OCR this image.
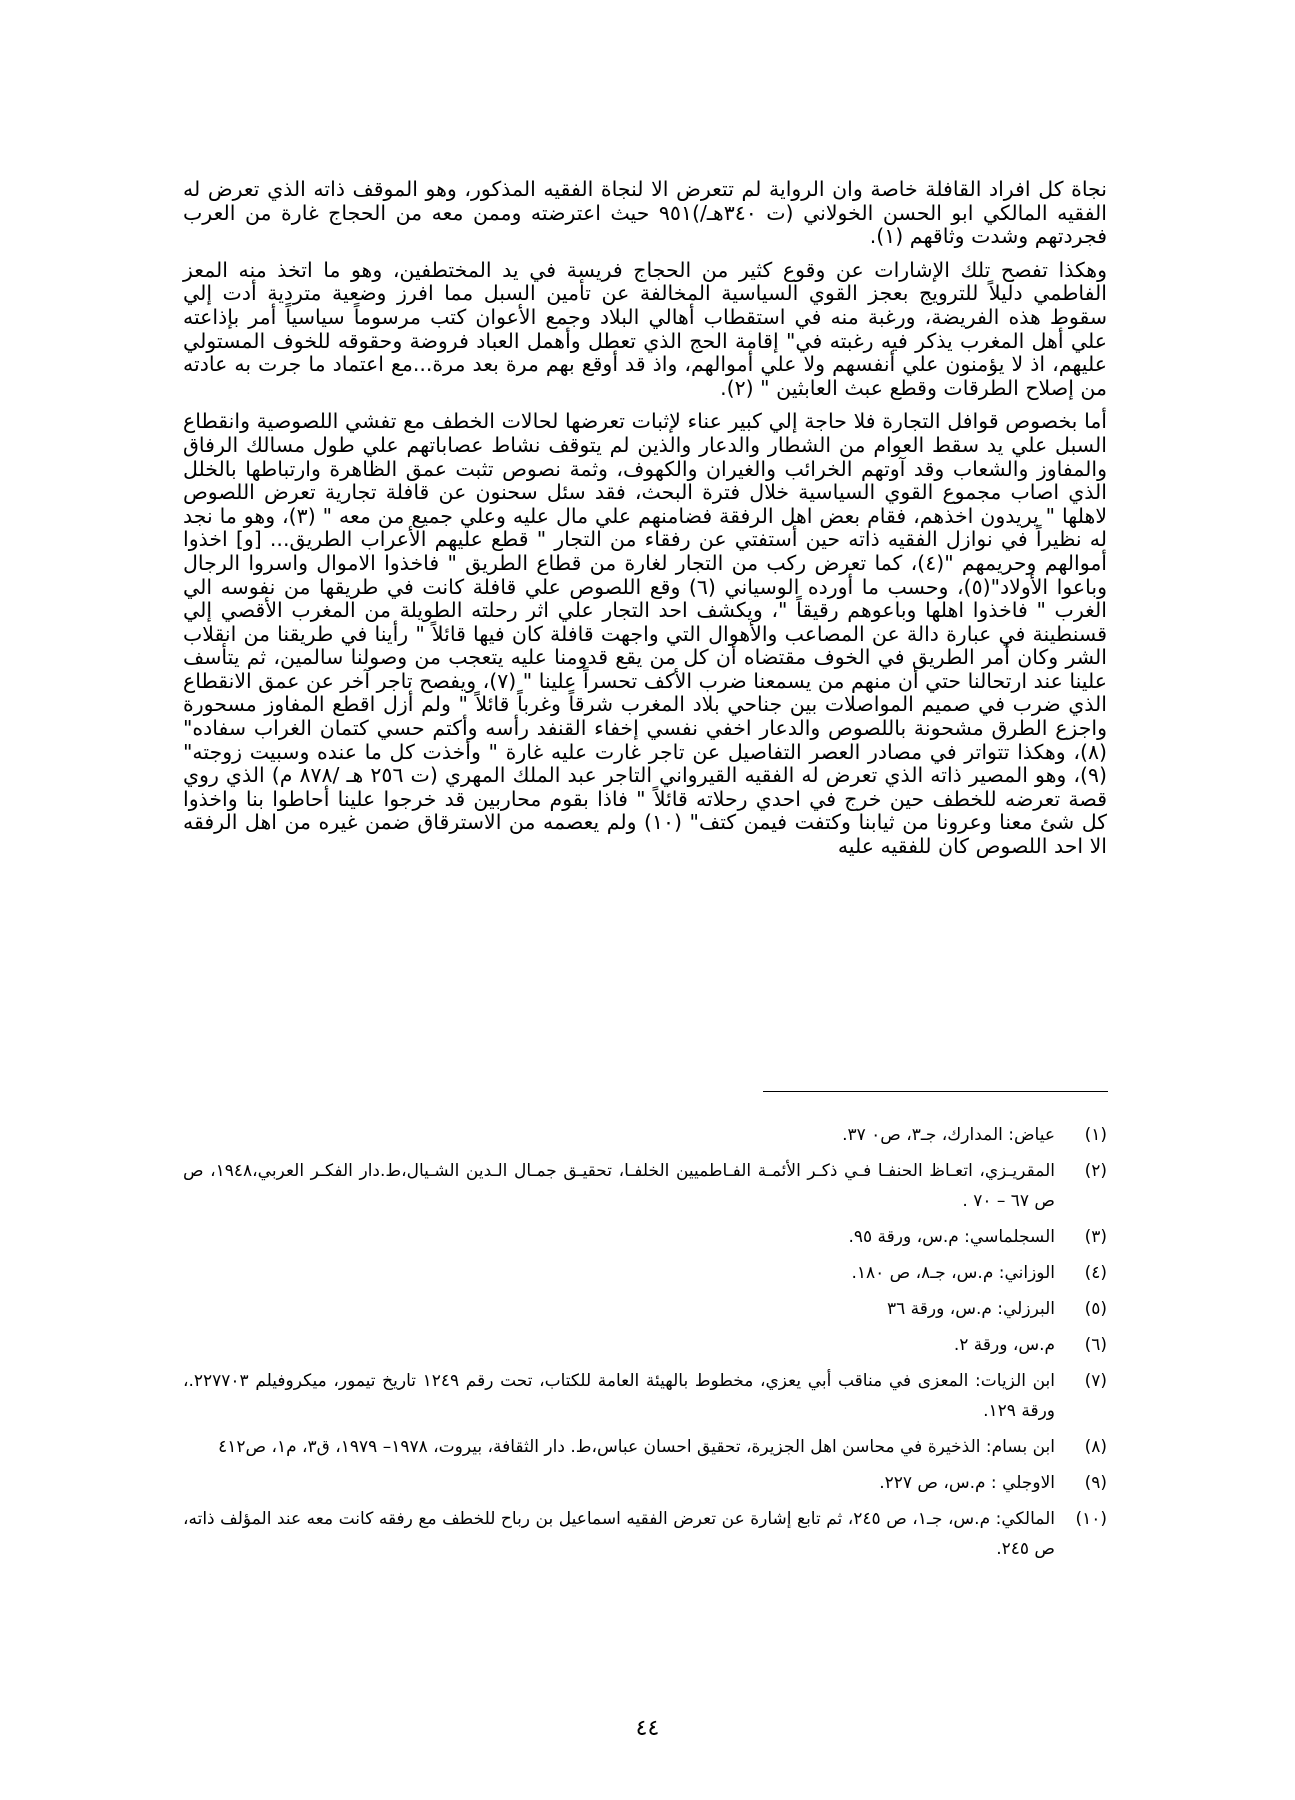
نجاة كل افراد القافلة خاصة وان الرواية لم تتعرض الا لنجاة الفقيه المذكور، وهو الموقف ذاته الذي تعرض له الفقيه المالكي ابو الحسن الخولاني (ت ٣٤٠هـ/)٩٥١ حيث اعترضته وممن معه من الحجاج غارة من العرب فجردتهم وشدت وثاقهم (١).

وهكذا تفصح تلك الإشارات عن وقوع كثير من الحجاج فريسة في يد المختطفين، وهو ما اتخذ منه المعز الفاطمي دليلاً للترويج بعجز القوي السياسية المخالفة عن تأمين السبل مما افرز وضعية متردية أدت إلي سقوط هذه الفريضة، ورغبة منه في استقطاب أهالي البلاد وجمع الأعوان كتب مرسوماً سياسياً أمر بإذاعته علي أهل المغرب يذكر فيه رغبته في" إقامة الحج الذي تعطل وأهمل العباد فروضة وحقوقه للخوف المستولي عليهم، اذ لا يؤمنون علي أنفسهم ولا علي أموالهم، واذ قد أوقع بهم مرة بعد مرة...مع اعتماد ما جرت به عادته من إصلاح الطرقات وقطع عبث العابثين " (٢).

أما بخصوص قوافل التجارة فلا حاجة إلي كبير عناء لإثبات تعرضها لحالات الخطف مع تفشي اللصوصية وانقطاع السبل علي يد سقط العوام من الشطار والدعار والذين لم يتوقف نشاط عصاباتهم علي طول مسالك الرفاق والمفاوز والشعاب وقد آوتهم الخرائب والغيران والكهوف، وثمة نصوص تثبت عمق الظاهرة وارتباطها بالخلل الذي اصاب مجموع القوي السياسية خلال فترة البحث، فقد سئل سحنون عن قافلة تجارية تعرض اللصوص لاهلها " يريدون اخذهم، فقام بعض اهل الرفقة فضامنهم علي مال عليه وعلي جميع من معه " (٣)، وهو ما نجد له نظيراً في نوازل الفقيه ذاته حين أستفتي عن رفقاء من التجار " قطع عليهم الأعراب الطريق... [و] اخذوا أموالهم وحريمهم "(٤)، كما تعرض ركب من التجار لغارة من قطاع الطريق " فاخذوا الاموال واسروا الرجال وباعوا الأولاد"(٥)، وحسب ما أورده الوسياني (٦) وقع اللصوص علي قافلة كانت في طريقها من نفوسه الي الغرب " فاخذوا اهلها وباعوهم رقيقاً "، ويكشف احد التجار علي اثر رحلته الطويلة من المغرب الأقصي إلي قسنطينة في عبارة دالة عن المصاعب والأهوال التي واجهت قافلة كان فيها قائلاً " رأينا في طريقنا من انقلاب الشر وكان أمر الطريق في الخوف مقتضاه أن كل من يقع قدومنا عليه يتعجب من وصولنا سالمين، ثم يتأسف علينا عند ارتحالنا حتي أن منهم من يسمعنا ضرب الأكف تحسراً علينا " (٧)، ويفصح تاجر آخر عن عمق الانقطاع الذي ضرب في صميم المواصلات بين جناحي بلاد المغرب شرقاً وغرباً قائلاً " ولم أزل اقطع المفاوز مسحورة واجزع الطرق مشحونة باللصوص والدعار اخفي نفسي إخفاء القنفد رأسه وأكتم حسي كتمان الغراب سفاده"(٨)، وهكذا تتواتر في مصادر العصر التفاصيل عن تاجر غارت عليه غارة " وأخذت كل ما عنده وسبيت زوجته"(٩)، وهو المصير ذاته الذي تعرض له الفقيه القيرواني التاجر عبد الملك المهري (ت ٢٥٦ هـ /٨٧٨ م) الذي روي قصة تعرضه للخطف حين خرج في احدي رحلاته قائلاً " فاذا بقوم محاربين قد خرجوا علينا أحاطوا بنا واخذوا كل شئ معنا وعرونا من ثيابنا وكتفت فيمن كتف" (١٠) ولم يعصمه من الاسترقاق ضمن غيره من اهل الرفقه الا احد اللصوص كان للفقيه عليه

(١)
عياض: المدارك، جـ٣، ص٠ ٣٧.
(٢)
المقريـزي، اتعـاظ الحنفـا فـي ذكـر الأئمـة الفـاطميين الخلفـا، تحقيـق جمـال الـدين الشـيال،ط.دار الفكـر العربي،١٩٤٨، ص ص ٦٧ – ٧٠ .
(٣)
السجلماسي: م.س، ورقة ٩٥.
(٤)
الوزاني: م.س، جـ٨، ص ١٨٠.
(٥)
البرزلي: م.س، ورقة ٣٦
(٦)
م.س، ورقة ٢.
(٧)
ابن الزيات: المعزى في مناقب أبي يعزي، مخطوط بالهيئة العامة للكتاب، تحت رقم ١٢٤٩ تاريخ تيمور، ميكروفيلم ٢٢٧٧٠٣.، ورقة ١٢٩.
(٨)
ابن بسام: الذخيرة في محاسن اهل الجزيرة، تحقيق احسان عباس،ط. دار الثقافة، بيروت، ١٩٧٨– ١٩٧٩، ق٣، م١، ص٤١٢
(٩)
الاوجلي : م.س، ص ٢٢٧.
(١٠)
المالكي: م.س، جـ١، ص ٢٤٥، ثم تابع إشارة عن تعرض الفقيه اسماعيل بن رباح للخطف مع رفقه كانت معه عند المؤلف ذاته، ص ٢٤٥.
٤٤
